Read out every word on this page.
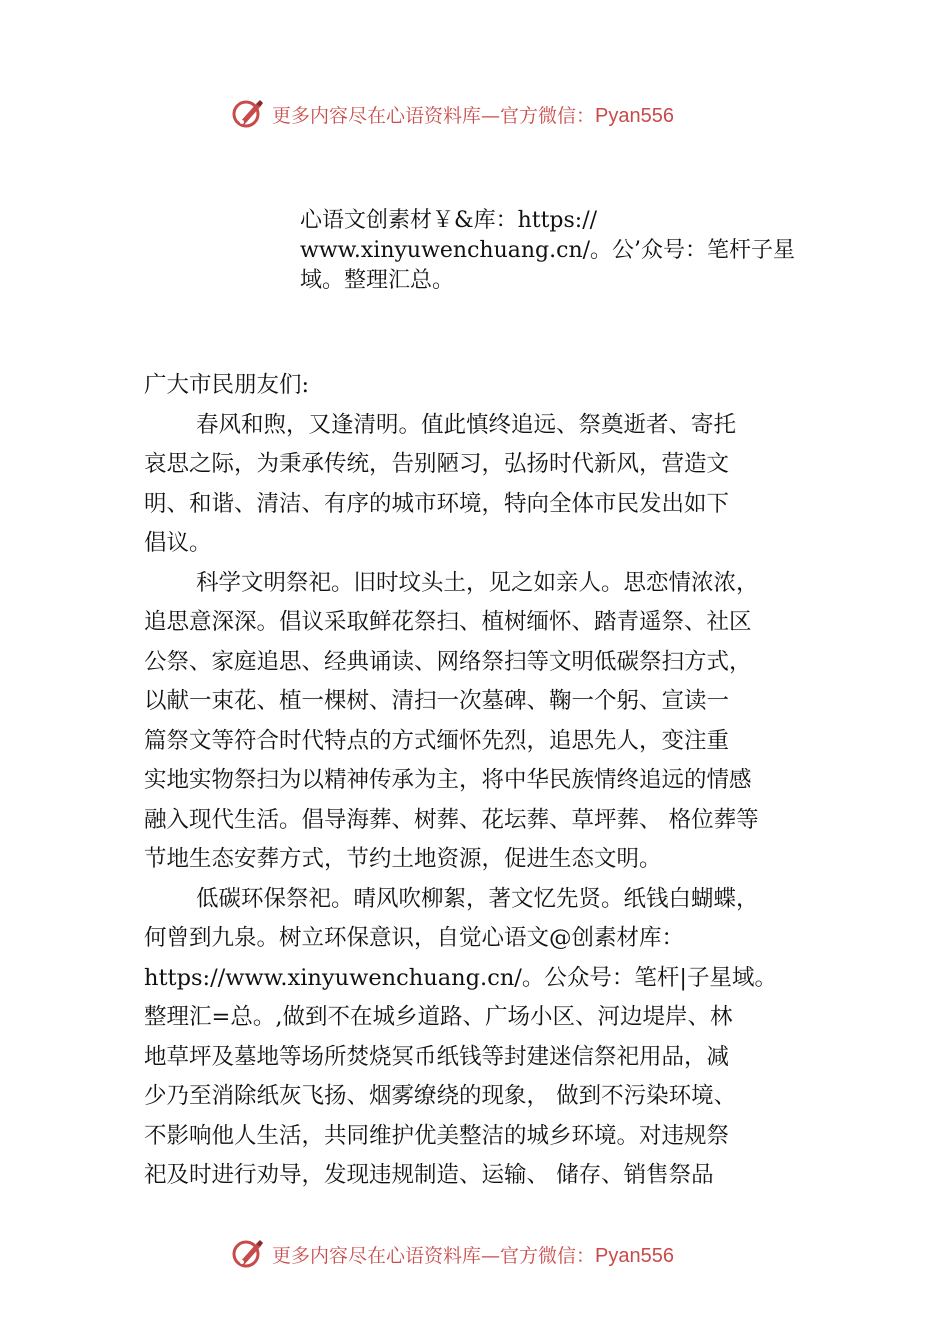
更多内容尽在心语资料库—官方微信：Pyan556
心语文创素材￥&库：https://
www.xinyuwenchuang.cn/。公’众号：笔杆子星
域。整理汇总。
广大市民朋友们:
春风和煦，又逢清明。值此慎终追远、祭奠逝者、寄托
哀思之际，为秉承传统，告别陋习，弘扬时代新风，营造文
明、和谐、清洁、有序的城市环境，特向全体市民发出如下
倡议。
科学文明祭祀。旧时坟头土，见之如亲人。思恋情浓浓，
追思意深深。倡议采取鲜花祭扫、植树缅怀、踏青遥祭、社区
公祭、家庭追思、经典诵读、网络祭扫等文明低碳祭扫方式，
以献一束花、植一棵树、清扫一次墓碑、鞠一个躬、宣读一
篇祭文等符合时代特点的方式缅怀先烈，追思先人，变注重
实地实物祭扫为以精神传承为主，将中华民族情终追远的情感
融入现代生活。倡导海葬、树葬、花坛葬、草坪葬、 格位葬等
节地生态安葬方式，节约土地资源，促进生态文明。
低碳环保祭祀。晴风吹柳絮，著文忆先贤。纸钱白蝴蝶，
何曾到九泉。树立环保意识，自觉心语文@创素材库：
https://www.xinyuwenchuang.cn/。公众号：笔杆|子星域。
整理汇=总。,做到不在城乡道路、广场小区、河边堤岸、林
地草坪及墓地等场所焚烧冥币纸钱等封建迷信祭祀用品，减
少乃至消除纸灰飞扬、烟雾缭绕的现象， 做到不污染环境、
不影响他人生活，共同维护优美整洁的城乡环境。对违规祭
祀及时进行劝导，发现违规制造、运输、 储存、销售祭品
更多内容尽在心语资料库—官方微信：Pyan556
